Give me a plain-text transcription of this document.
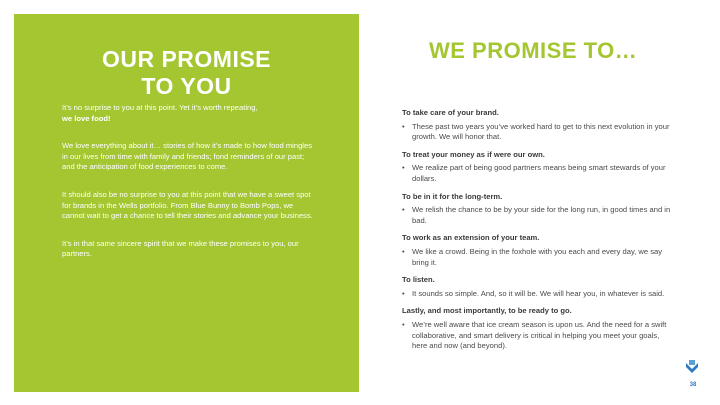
OUR PROMISE
TO YOU

It’s no surprise to you at this point. Yet it’s worth repeating,
we love food!

We love everything about it… stories of how it’s made to how food mingles in our lives from time with family and friends; fond reminders of our past; and the anticipation of food experiences to come.

It should also be no surprise to you at this point that we have a sweet spot for brands in the Wells portfolio. From Blue Bunny to Bomb Pops, we cannot wait to get a chance to tell their stories and advance your business.

It’s in that same sincere spirit that we make these promises to you, our partners.

WE PROMISE TO…
To take care of your brand.
• These past two years you’ve worked hard to get to this next evolution in your growth. We will honor that.
To treat your money as if were our own.
• We realize part of being good partners means being smart stewards of your dollars.
To be in it for the long-term.
• We relish the chance to be by your side for the long run, in good times and in bad.
To work as an extension of your team.
• We like a crowd. Being in the foxhole with you each and every day, we say bring it.
To listen.
• It sounds so simple. And, so it will be. We will hear you, in whatever is said.
Lastly, and most importantly, to be ready to go.
• We’re well aware that ice cream season is upon us. And the need for a swift collaborative, and smart delivery is critical in helping you meet your goals, here and now (and beyond).
38
